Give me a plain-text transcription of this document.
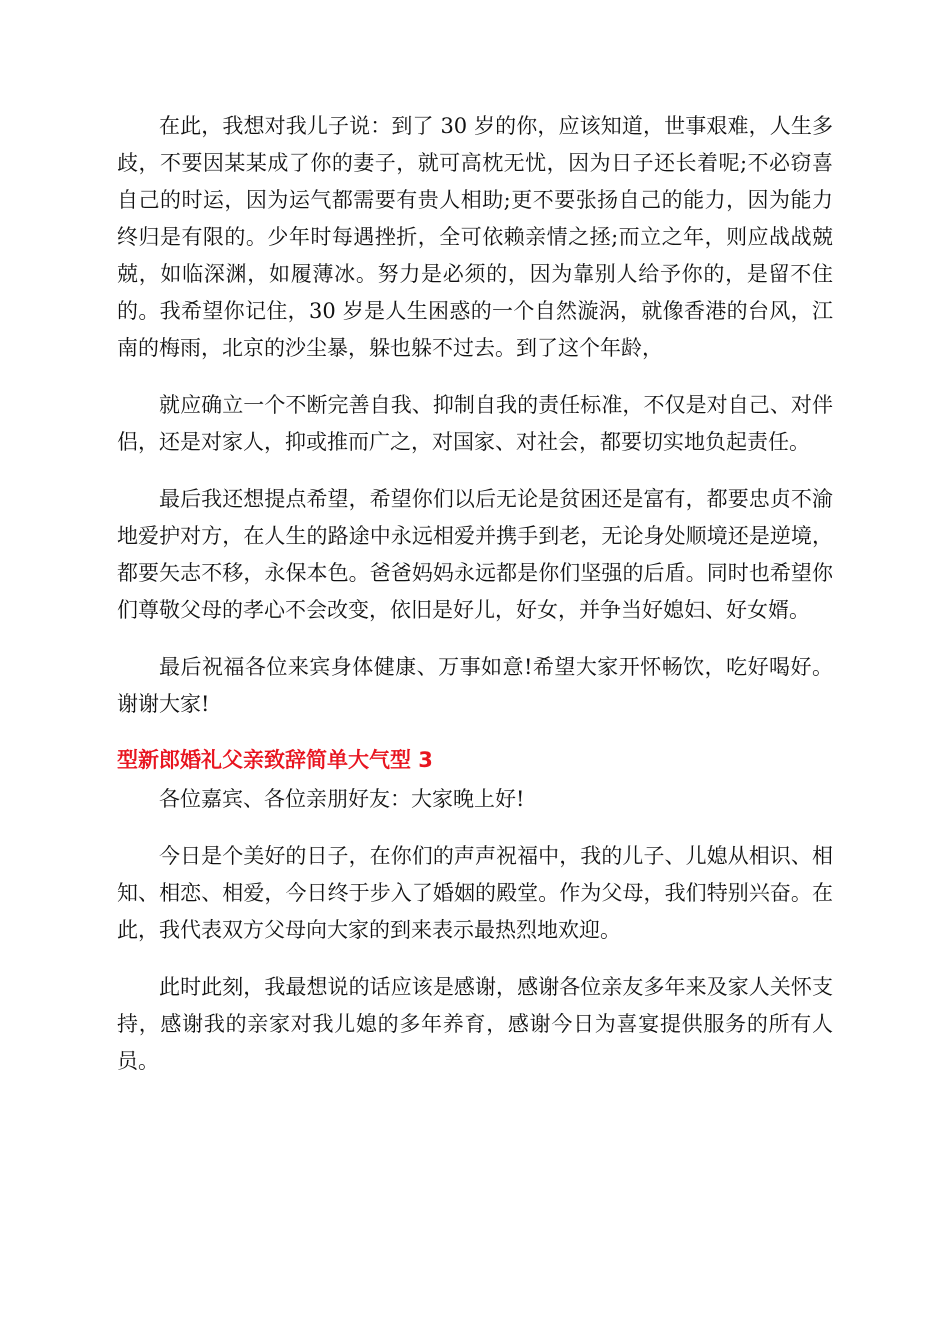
在此，我想对我儿子说：到了 30 岁的你，应该知道，世事艰难，人生多歧，不要因某某成了你的妻子，就可高枕无忧，因为日子还长着呢;不必窃喜自己的时运，因为运气都需要有贵人相助;更不要张扬自己的能力，因为能力终归是有限的。少年时每遇挫折，全可依赖亲情之拯;而立之年，则应战战兢兢，如临深渊，如履薄冰。努力是必须的，因为靠别人给予你的，是留不住的。我希望你记住，30 岁是人生困惑的一个自然漩涡，就像香港的台风，江南的梅雨，北京的沙尘暴，躲也躲不过去。到了这个年龄，

就应确立一个不断完善自我、抑制自我的责任标准，不仅是对自己、对伴侣，还是对家人，抑或推而广之，对国家、对社会，都要切实地负起责任。

最后我还想提点希望，希望你们以后无论是贫困还是富有，都要忠贞不渝地爱护对方，在人生的路途中永远相爱并携手到老，无论身处顺境还是逆境，都要矢志不移，永保本色。爸爸妈妈永远都是你们坚强的后盾。同时也希望你们尊敬父母的孝心不会改变，依旧是好儿，好女，并争当好媳妇、好女婿。

最后祝福各位来宾身体健康、万事如意!希望大家开怀畅饮，吃好喝好。谢谢大家!

型新郎婚礼父亲致辞简单大气型 3

各位嘉宾、各位亲朋好友：大家晚上好!

今日是个美好的日子，在你们的声声祝福中，我的儿子、儿媳从相识、相知、相恋、相爱，今日终于步入了婚姻的殿堂。作为父母，我们特别兴奋。在此，我代表双方父母向大家的到来表示最热烈地欢迎。

此时此刻，我最想说的话应该是感谢，感谢各位亲友多年来及家人关怀支持，感谢我的亲家对我儿媳的多年养育，感谢今日为喜宴提供服务的所有人员。
